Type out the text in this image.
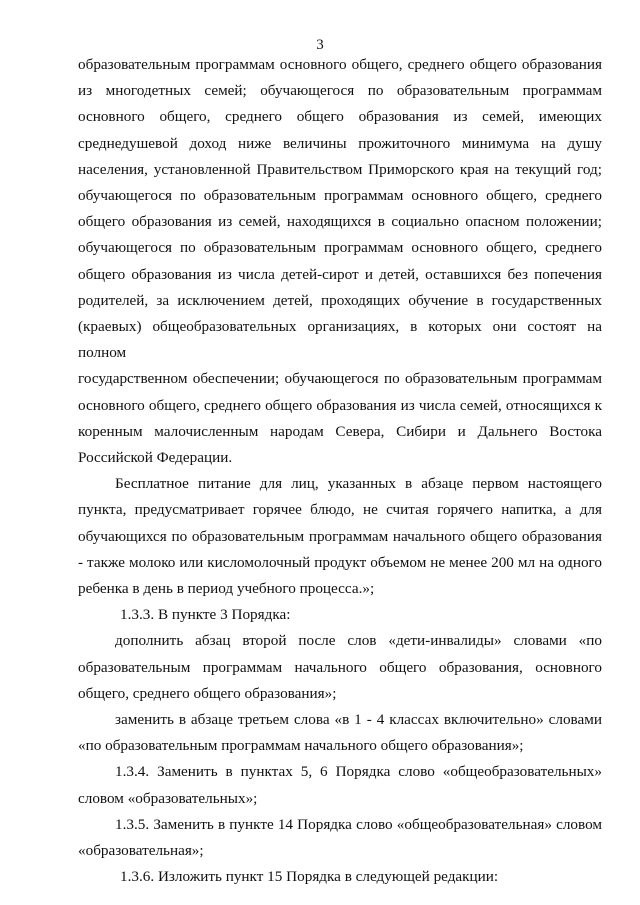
3
образовательным программам основного общего, среднего общего образования
из многодетных семей; обучающегося по образовательным программам
основного общего, среднего общего образования из семей, имеющих
среднедушевой доход ниже величины прожиточного минимума на душу
населения, установленной Правительством Приморского края на текущий год;
обучающегося по образовательным программам основного общего, среднего
общего образования из семей, находящихся в социально опасном положении;
обучающегося по образовательным программам основного общего, среднего
общего образования из числа детей-сирот и детей, оставшихся без попечения
родителей, за исключением детей, проходящих обучение в государственных
(краевых) общеобразовательных организациях, в которых они состоят на полном
государственном обеспечении; обучающегося по образовательным программам
основного общего, среднего общего образования из числа семей, относящихся к
коренным малочисленным народам Севера, Сибири и Дальнего Востока
Российской Федерации.
Бесплатное питание для лиц, указанных в абзаце первом настоящего
пункта, предусматривает горячее блюдо, не считая горячего напитка, а для
обучающихся по образовательным программам начального общего образования
- также молоко или кисломолочный продукт объемом не менее 200 мл на одного
ребенка в день в период учебного процесса.»;
1.3.3. В пункте 3 Порядка:
дополнить абзац второй после слов «дети-инвалиды» словами «по
образовательным программам начального общего образования, основного
общего, среднего общего образования»;
заменить в абзаце третьем слова «в 1 - 4 классах включительно» словами
«по образовательным программам начального общего образования»;
1.3.4. Заменить в пунктах 5, 6 Порядка слово «общеобразовательных»
словом «образовательных»;
1.3.5. Заменить в пункте 14 Порядка слово «общеобразовательная» словом
«образовательная»;
1.3.6. Изложить пункт 15 Порядка в следующей редакции:
